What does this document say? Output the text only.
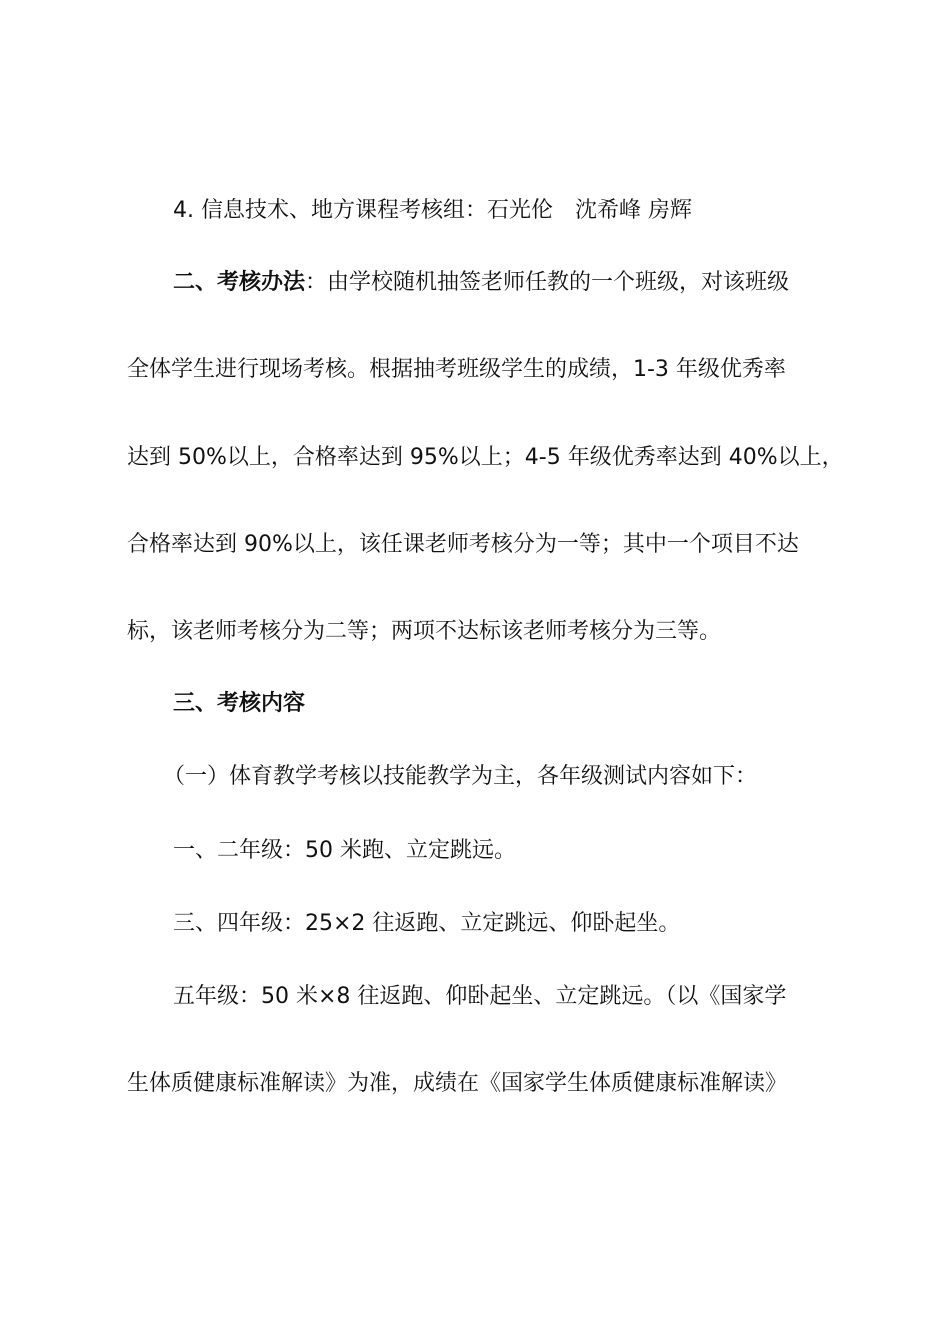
4. 信息技术、地方课程考核组：石光伦　沈希峰 房辉
二、考核办法：由学校随机抽签老师任教的一个班级，对该班级
全体学生进行现场考核。根据抽考班级学生的成绩，1-3 年级优秀率
达到 50%以上，合格率达到 95%以上；4-5 年级优秀率达到 40%以上，
合格率达到 90%以上，该任课老师考核分为一等；其中一个项目不达
标，该老师考核分为二等；两项不达标该老师考核分为三等。
三、考核内容
（一）体育教学考核以技能教学为主，各年级测试内容如下：
一、二年级：50 米跑、立定跳远。
三、四年级：25×2 往返跑、立定跳远、仰卧起坐。
五年级：50 米×8 往返跑、仰卧起坐、立定跳远。（以《国家学
生体质健康标准解读》为准，成绩在《国家学生体质健康标准解读》
